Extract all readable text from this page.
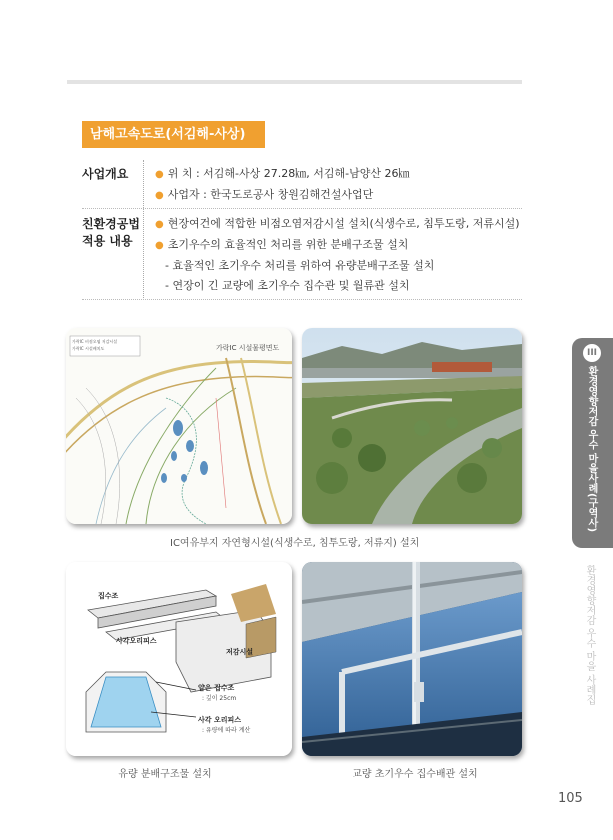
남해고속도로(서김해-사상)
사업개요	● 위 치 : 서김해-사상 27.28㎞, 서김해-남양산 26㎞
● 사업자 : 한국도로공사 창원김해건설사업단
친환경공법
적용 내용
● 현장여건에 적합한 비점오염저감시설 설치(식생수로, 침투도랑, 저류시설)
● 초기우수의 효율적인 처리를 위한 분배구조물 설치
- 효율적인 초기우수 처리를 위하여 유량분배구조물 설치
- 연장이 긴 교량에 초기우수 집수관 및 월류관 설치
가락IC 비점오염 저감시설
가락IC 시설배치도	가락IC 시설물평면도
IC여유부지 자연형시설(식생수로, 침투도랑, 저류지) 설치
집수조
사각오리피스
저감시설
얕은 집수조
: 깊이 25cm
사각 오리피스
: 유량에 따라 계산
유량 분배구조물 설치	교량 초기우수 집수배관 설치
III
환경영향저감 우수 마을사례(구역사)
환경영향저감 우수 마을 사례집
105
